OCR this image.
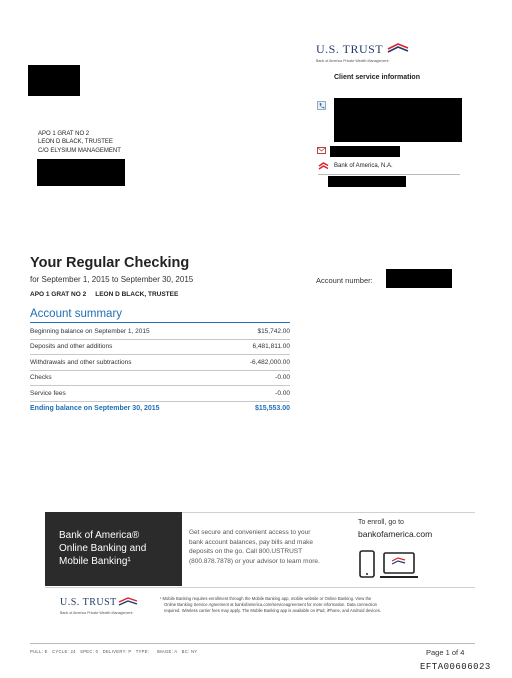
U.S. TRUST
Bank of America Private Wealth Management
Client service information
Bank of America, N.A.
APO 1 GRAT NO 2
LEON D BLACK, TRUSTEE
C/O ELYSIUM MANAGEMENT
Your Regular Checking
for September 1, 2015 to September 30, 2015
APO 1 GRAT NO 2     LEON D BLACK, TRUSTEE
Account number:
Account summary
Beginning balance on September 1, 2015	$15,742.00
Deposits and other additions	6,481,811.00
Withdrawals and other subtractions	-6,482,000.00
Checks	-0.00
Service fees	-0.00
Ending balance on September 30, 2015	$15,553.00
Bank of America®
Online Banking and
Mobile Banking¹
Get secure and convenient access to your
bank account balances, pay bills and make
deposits on the go. Call 800.USTRUST
(800.878.7878) or your advisor to learn more.
To enroll, go to
bankofamerica.com
U.S. TRUST
Bank of America Private Wealth Management
¹ Mobile Banking requires enrollment through the Mobile Banking app, mobile website or Online Banking. View the
Online Banking Service Agreement at bankofamerica.com/serviceagreement for more information. Data connection
required. Wireless carrier fees may apply. The Mobile Banking app is available on iPad, iPhone, and Android devices.
PULL: E   CYCLE: 24   SPEC: 0   DELIVERY: P   TYPE:     IMAGE: A   BC: NY	Page 1 of 4
EFTA00606023
